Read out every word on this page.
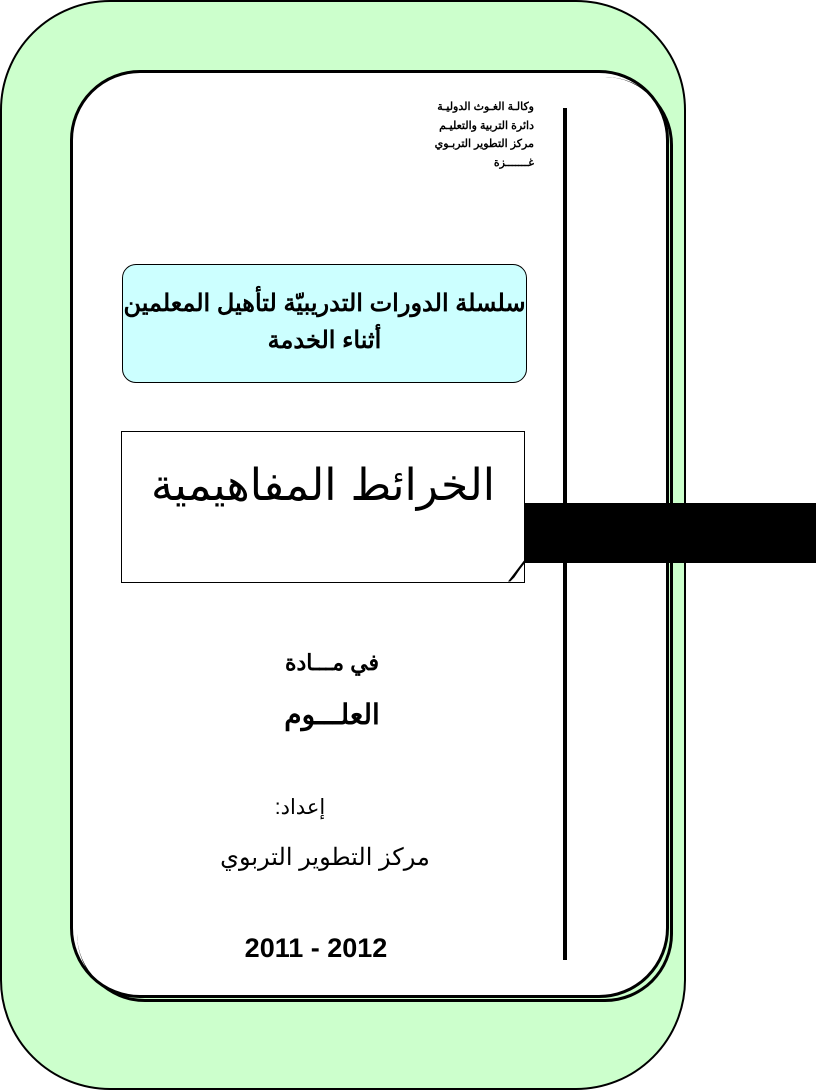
وكالـة الغـوث الدوليـة
دائرة التربية والتعليـم
مركز التطوير التربـوي
غـــــــزة
سلسلة الدورات التدريبيّة لتأهيل المعلمين
أثناء الخدمة
الخرائط المفاهيمية
في مـــادة
العلـــوم
:إعداد
مركز التطوير التربوي
2011 - 2012
